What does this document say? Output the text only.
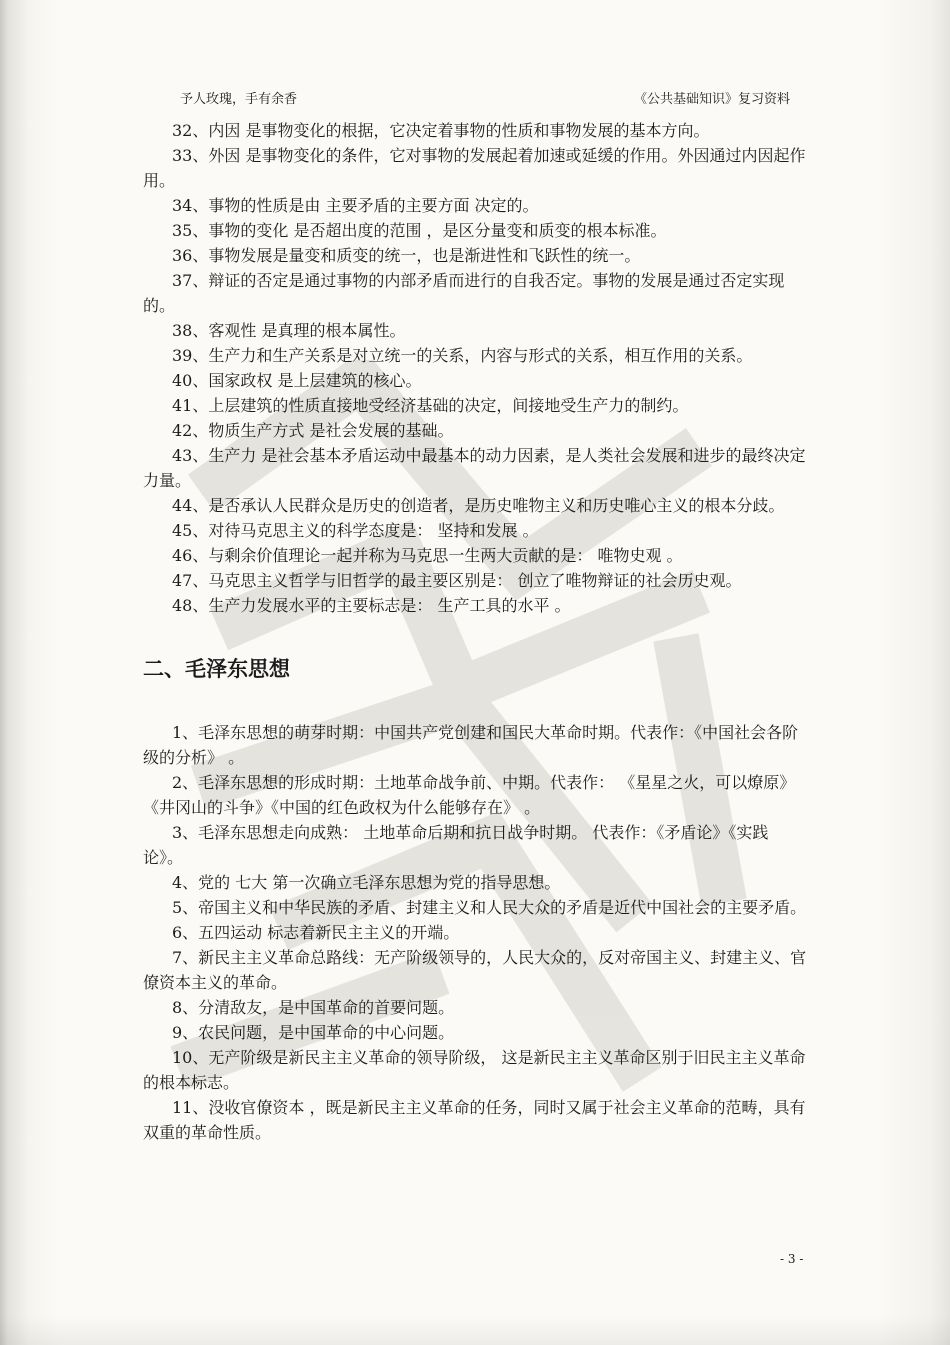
予人玫瑰，手有余香	《公共基础知识》复习资料

32、内因 是事物变化的根据，它决定着事物的性质和事物发展的基本方向。

33、外因 是事物变化的条件，它对事物的发展起着加速或延缓的作用。外因通过内因起作用。

34、事物的性质是由 主要矛盾的主要方面 决定的。

35、事物的变化 是否超出度的范围 ，是区分量变和质变的根本标准。

36、事物发展是量变和质变的统一，也是渐进性和飞跃性的统一。

37、辩证的否定是通过事物的内部矛盾而进行的自我否定。事物的发展是通过否定实现的。

38、客观性 是真理的根本属性。

39、生产力和生产关系是对立统一的关系，内容与形式的关系，相互作用的关系。

40、国家政权 是上层建筑的核心。

41、上层建筑的性质直接地受经济基础的决定，间接地受生产力的制约。

42、物质生产方式 是社会发展的基础。

43、生产力 是社会基本矛盾运动中最基本的动力因素，是人类社会发展和进步的最终决定力量。

44、是否承认人民群众是历史的创造者，是历史唯物主义和历史唯心主义的根本分歧。

45、对待马克思主义的科学态度是： 坚持和发展 。

46、与剩余价值理论一起并称为马克思一生两大贡献的是： 唯物史观 。

47、马克思主义哲学与旧哲学的最主要区别是： 创立了唯物辩证的社会历史观。

48、生产力发展水平的主要标志是： 生产工具的水平 。

二、毛泽东思想

1、毛泽东思想的萌芽时期：中国共产党创建和国民大革命时期。代表作：《中国社会各阶级的分析》 。

2、毛泽东思想的形成时期：土地革命战争前、中期。代表作： 《星星之火，可以燎原》《井冈山的斗争》《中国的红色政权为什么能够存在》 。

3、毛泽东思想走向成熟： 土地革命后期和抗日战争时期。 代表作：《矛盾论》《实践论》。

4、党的 七大 第一次确立毛泽东思想为党的指导思想。

5、帝国主义和中华民族的矛盾、封建主义和人民大众的矛盾是近代中国社会的主要矛盾。

6、五四运动 标志着新民主主义的开端。

7、新民主主义革命总路线：无产阶级领导的，人民大众的，反对帝国主义、封建主义、官僚资本主义的革命。

8、分清敌友，是中国革命的首要问题。

9、农民问题，是中国革命的中心问题。

10、无产阶级是新民主主义革命的领导阶级， 这是新民主主义革命区别于旧民主主义革命的根本标志。

11、没收官僚资本 ，既是新民主主义革命的任务，同时又属于社会主义革命的范畴，具有双重的革命性质。

- 3 -
